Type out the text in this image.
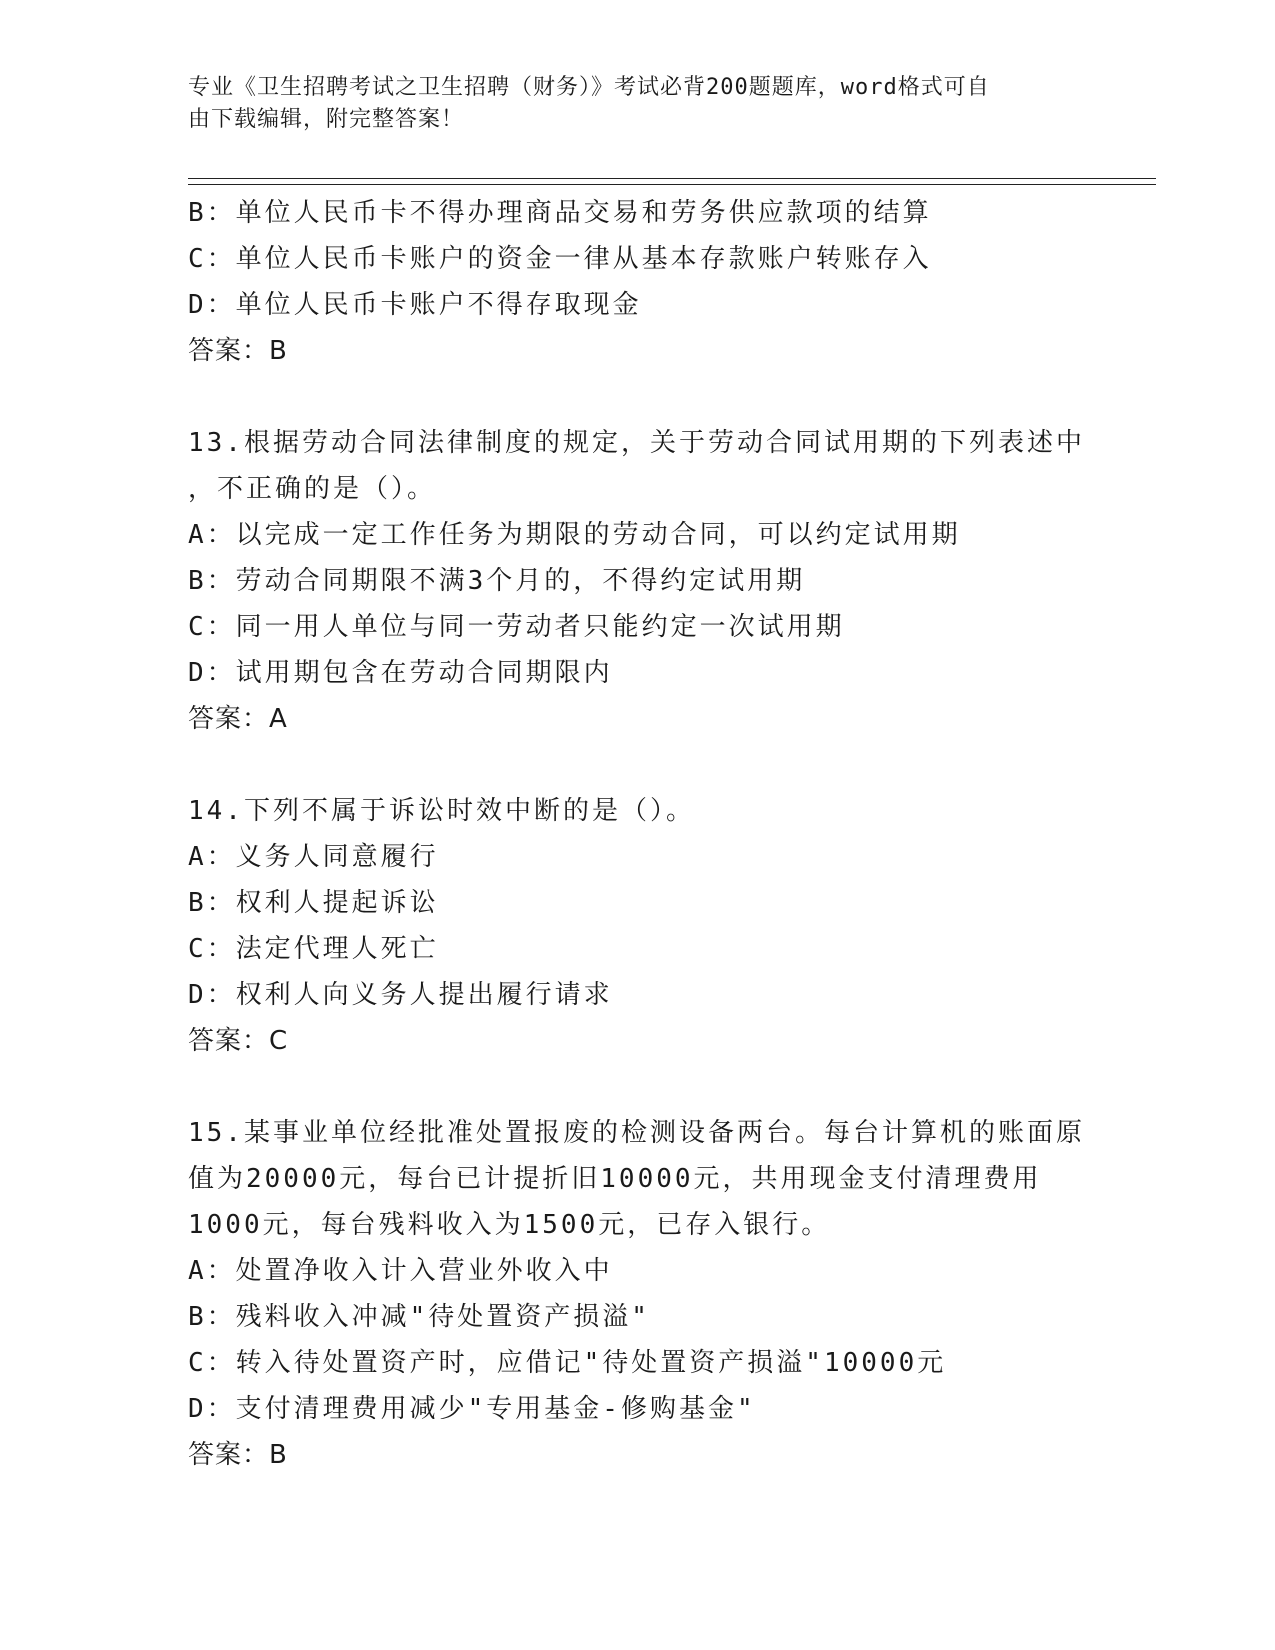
专业《卫生招聘考试之卫生招聘（财务）》考试必背200题题库，word格式可自
由下载编辑，附完整答案！
B：单位人民币卡不得办理商品交易和劳务供应款项的结算
C：单位人民币卡账户的资金一律从基本存款账户转账存入
D：单位人民币卡账户不得存取现金
答案：B
13.根据劳动合同法律制度的规定，关于劳动合同试用期的下列表述中
，不正确的是（）。
A：以完成一定工作任务为期限的劳动合同，可以约定试用期
B：劳动合同期限不满3个月的，不得约定试用期
C：同一用人单位与同一劳动者只能约定一次试用期
D：试用期包含在劳动合同期限内
答案：A
14.下列不属于诉讼时效中断的是（）。
A：义务人同意履行
B：权利人提起诉讼
C：法定代理人死亡
D：权利人向义务人提出履行请求
答案：C
15.某事业单位经批准处置报废的检测设备两台。每台计算机的账面原
值为20000元，每台已计提折旧10000元，共用现金支付清理费用
1000元，每台残料收入为1500元，已存入银行。
A：处置净收入计入营业外收入中
B：残料收入冲减"待处置资产损溢"
C：转入待处置资产时，应借记"待处置资产损溢"10000元
D：支付清理费用减少"专用基金-修购基金"
答案：B
